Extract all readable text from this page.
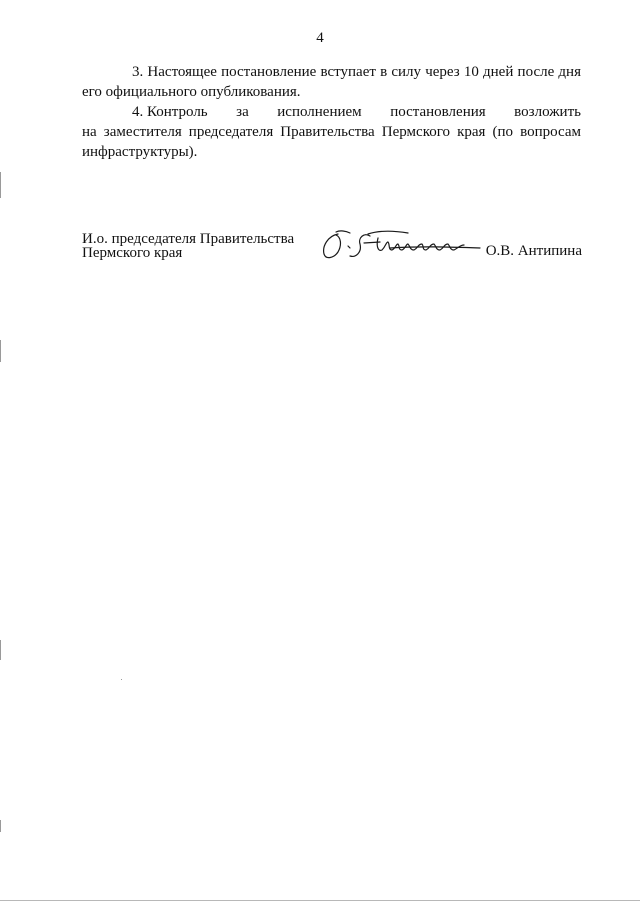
4

3. Настоящее постановление вступает в силу через 10 дней после дня его официального опубликования.

4. Контроль за исполнением постановления возложить

на заместителя председателя Правительства Пермского края (по вопросам инфраструктуры).

И.о. председателя Правительства
Пермского края	О.В. Антипина
